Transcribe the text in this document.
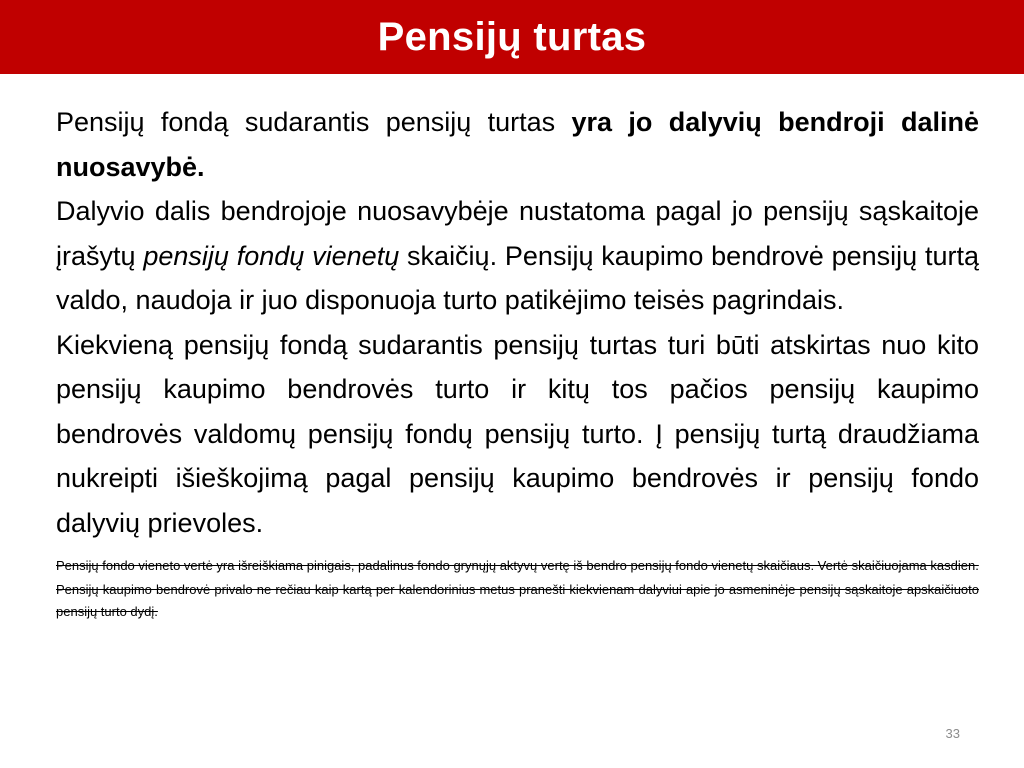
Pensijų turtas

Pensijų fondą sudarantis pensijų turtas yra jo dalyvių bendroji dalinė nuosavybė.

Dalyvio dalis bendrojoje nuosavybėje nustatoma pagal jo pensijų sąskaitoje įrašytų pensijų fondų vienetų skaičių. Pensijų kaupimo bendrovė pensijų turtą valdo, naudoja ir juo disponuoja turto patikėjimo teisės pagrindais.

Kiekvieną pensijų fondą sudarantis pensijų turtas turi būti atskirtas nuo kito pensijų kaupimo bendrovės turto ir kitų tos pačios pensijų kaupimo bendrovės valdomų pensijų fondų pensijų turto. Į pensijų turtą draudžiama nukreipti išieškojimą pagal pensijų kaupimo bendrovės ir pensijų fondo dalyvių prievoles.

Pensijų fondo vieneto vertė yra išreiškiama pinigais, padalinus fondo grynųjų aktyvų vertę iš bendro pensijų fondo vienetų skaičiaus. Vertė skaičiuojama kasdien.

Pensijų kaupimo bendrovė privalo ne rečiau kaip kartą per kalendorinius metus pranešti kiekvienam dalyviui apie jo asmeninėje pensijų sąskaitoje apskaičiuoto pensijų turto dydį.

33
